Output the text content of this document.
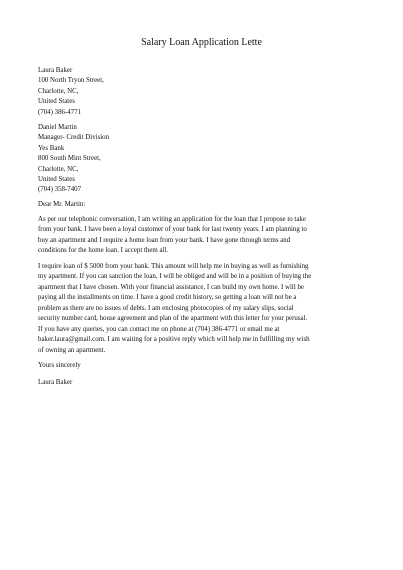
Salary Loan Application Lette
Laura Baker
100 North Tryon Street,
Charlotte, NC,
United States
(704) 386-4771
Daniel Martin
Manager- Credit Division
Yes Bank
800 South Mint Street,
Charlotte, NC,
United States
(704) 358-7407
Dear Mr. Martin:
As per our telephonic conversation, I am writing an application for the loan that I propose to take
from your bank. I have been a loyal customer of your bank for last twenty years. I am planning to
buy an apartment and I require a home loan from your bank. I have gone through terms and
conditions for the home loan. I accept them all.
I require loan of $ 5000 from your bank. This amount will help me in buying as well as furnishing
my apartment. If you can sanction the loan, I will be obliged and will be in a position of buying the
apartment that I have chosen. With your financial assistance, I can build my own home. I will be
paying all the installments on time. I have a good credit history, so getting a loan will not be a
problem as there are no issues of debts. I am enclosing photocopies of my salary slips, social
security number card, house agreement and plan of the apartment with this letter for your perusal.
If you have any queries, you can contact me on phone at (704) 386-4771 or email me at
baker.laura@gmail.com. I am waiting for a positive reply which will help me in fulfilling my wish
of owning an apartment.
Yours sincerely
Laura Baker
